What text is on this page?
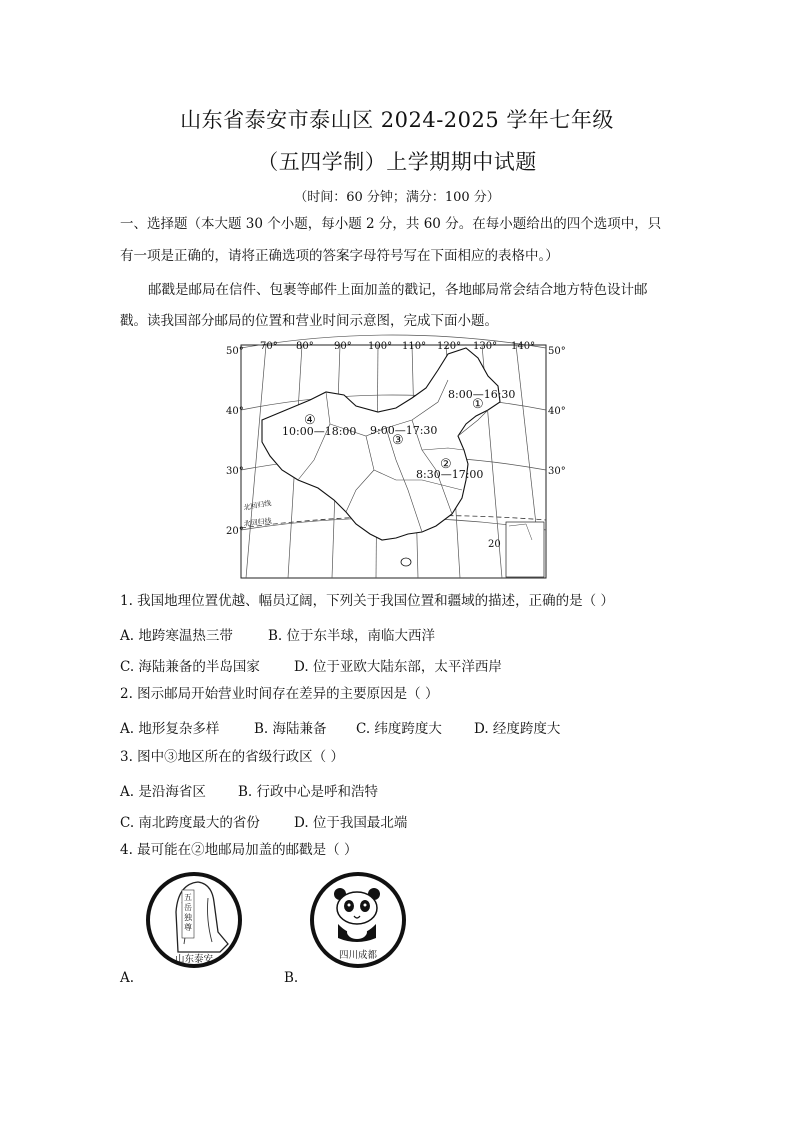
山东省泰安市泰山区 2024-2025 学年七年级
（五四学制）上学期期中试题
（时间：60 分钟；满分：100 分）
一、选择题（本大题 30 个小题，每小题 2 分，共 60 分。在每小题给出的四个选项中，只
有一项是正确的，请将正确选项的答案字母符号写在下面相应的表格中。）
邮戳是邮局在信件、包裹等邮件上面加盖的戳记，各地邮局常会结合地方特色设计邮
戳。读我国部分邮局的位置和营业时间示意图，完成下面小题。
70° 80° 90° 100° 110° 120° 130° 140°
50°
40°
30°
20°
50°
40°
30°
20
北回归线
北回归线
8:00—16:30
①
④
10:00—18:00 9:00—17:30
③
②
8:30—17:00
1. 我国地理位置优越、幅员辽阔，下列关于我国位置和疆域的描述，正确的是（ ）
A. 地跨寒温热三带	B. 位于东半球，南临大西洋
C. 海陆兼备的半岛国家	D. 位于亚欧大陆东部，太平洋西岸
2. 图示邮局开始营业时间存在差异的主要原因是（ ）
A. 地形复杂多样	B. 海陆兼备 C. 纬度跨度大 D. 经度跨度大
3. 图中③地区所在的省级行政区（ ）
A. 是沿海省区 B. 行政中心是呼和浩特
C. 南北跨度最大的省份	D. 位于我国最北端
4. 最可能在②地邮局加盖的邮戳是（ ）
五
岳
独
尊
山东泰安
A.
四川成都
B.
